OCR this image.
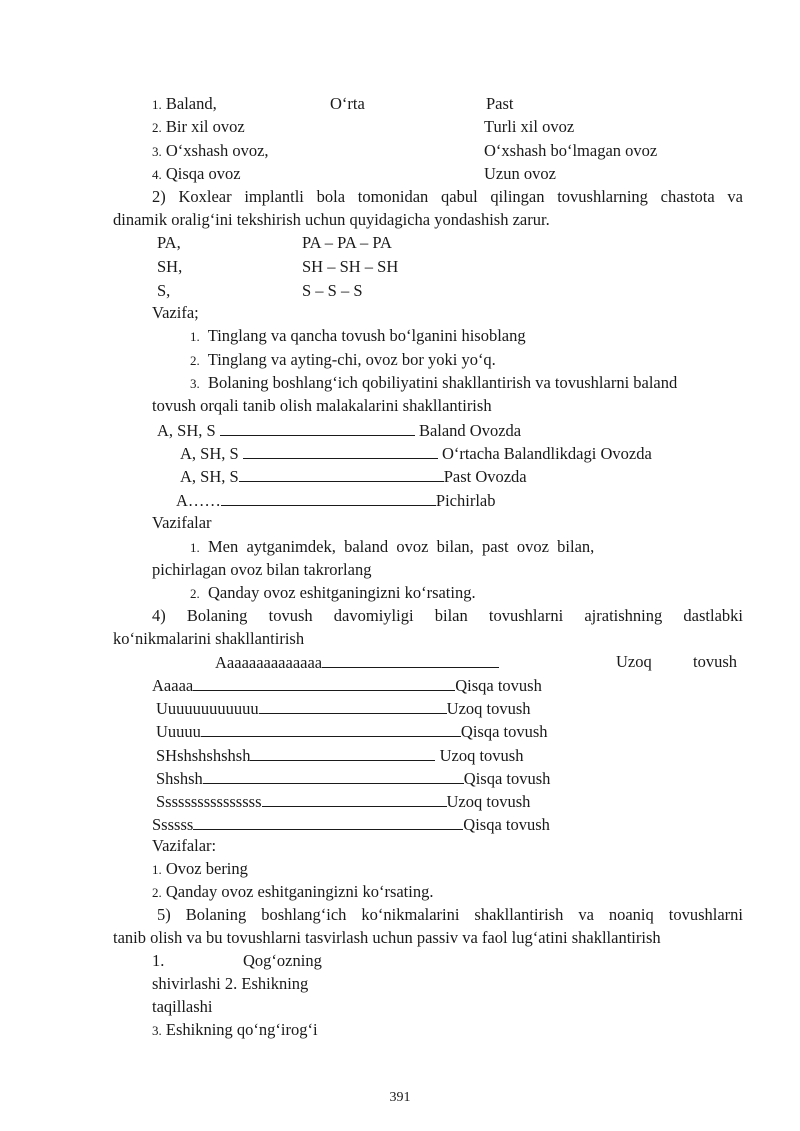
1. Baland,	O‘rta	Past
2. Bir xil ovoz	Turli xil ovoz
3. O‘xshash ovoz,	O‘xshash bo‘lmagan ovoz
4. Qisqa ovoz	Uzun ovoz
2) Koxlear implantli bola tomonidan qabul qilingan tovushlarning chastota va
dinamik oralig‘ini tekshirish uchun quyidagicha yondashish zarur.
PA,	PA – PA – PA
SH,	SH – SH – SH
S,	S – S – S
Vazifa;
1. Tinglang va qancha tovush bo‘lganini hisoblang
2. Tinglang va ayting-chi, ovoz bor yoki yo‘q.
3. Bolaning boshlang‘ich qobiliyatini shakllantirish va tovushlarni baland
tovush orqali tanib olish malakalarini shakllantirish
A, SH, S	Baland Ovozda
A, SH, S	O‘rtacha Balandlikdagi Ovozda
A, SH, S	Past Ovozda
A……	Pichirlab
Vazifalar
1. Men  aytganimdek,  baland  ovoz  bilan,  past  ovoz  bilan,
pichirlagan ovoz bilan takrorlang
2. Qanday ovoz eshitganingizni ko‘rsating.
4) Bolaning tovush davomiyligi bilan tovushlarni ajratishning dastlabki
ko‘nikmalarini shakllantirish
Aaaaaaaaaaaaaa	Uzoq	tovush
Aaaaa	Qisqa tovush
Uuuuuuuuuuuu	Uzoq tovush
Uuuuu	Qisqa tovush
SHshshshshsh	Uzoq tovush
Shshsh	Qisqa tovush
Ssssssssssssssss	Uzoq tovush
Ssssss	Qisqa tovush
Vazifalar:
1. Ovoz bering
2. Qanday ovoz eshitganingizni ko‘rsating.
5) Bolaning boshlang‘ich ko‘nikmalarini shakllantirish va noaniq tovushlarni
tanib olish va bu tovushlarni tasvirlash uchun passiv va faol lug‘atini shakllantirish
1.	Qog‘ozning
shivirlashi 2. Eshikning
taqillashi
3. Eshikning qo‘ng‘irog‘i
391
